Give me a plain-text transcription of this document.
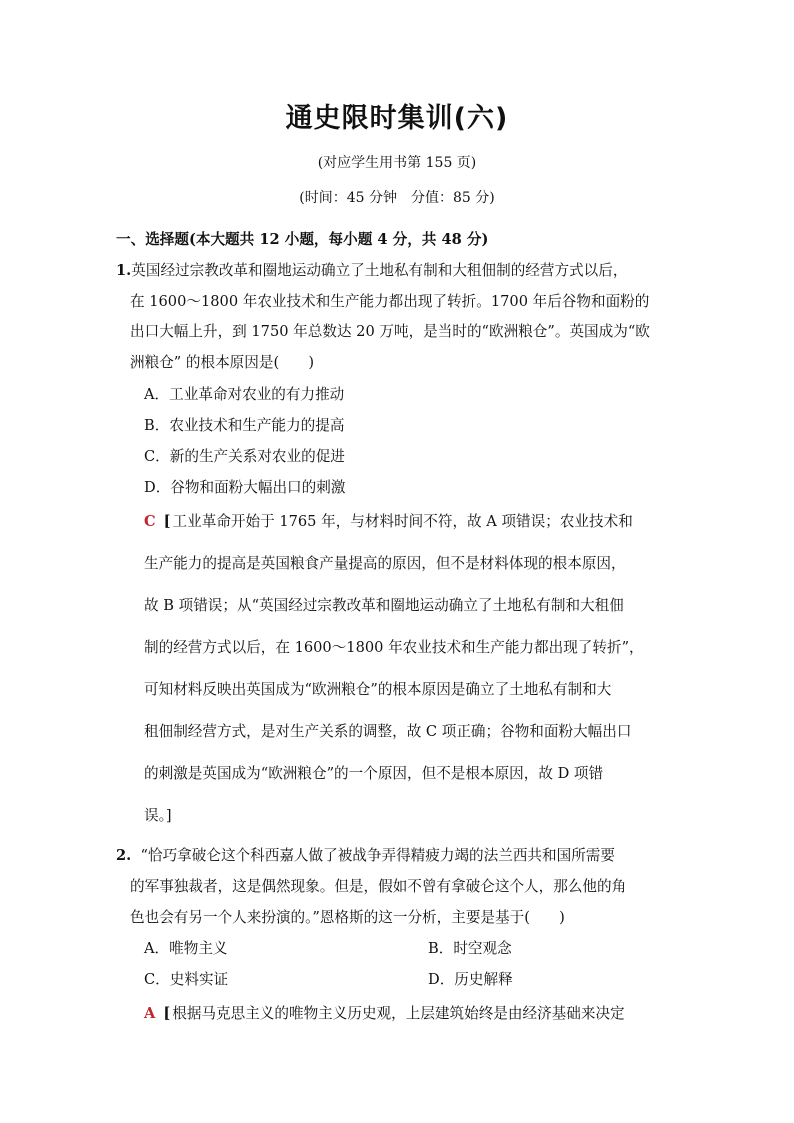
通史限时集训(六)
(对应学生用书第 155 页)
(时间：45 分钟　分值：85 分)
一、选择题(本大题共 12 小题，每小题 4 分，共 48 分)
1.英国经过宗教改革和圈地运动确立了土地私有制和大租佃制的经营方式以后，
在 1600～1800 年农业技术和生产能力都出现了转折。1700 年后谷物和面粉的
出口大幅上升，到 1750 年总数达 20 万吨，是当时的“欧洲粮仓”。英国成为“欧
洲粮仓” 的根本原因是(　　)
A．工业革命对农业的有力推动
B．农业技术和生产能力的提高
C．新的生产关系对农业的促进
D．谷物和面粉大幅出口的刺激
C [ 工业革命开始于 1765 年，与材料时间不符，故 A 项错误；农业技术和
生产能力的提高是英国粮食产量提高的原因，但不是材料体现的根本原因，
故 B 项错误；从“英国经过宗教改革和圈地运动确立了土地私有制和大租佃
制的经营方式以后，在 1600～1800 年农业技术和生产能力都出现了转折”，
可知材料反映出英国成为“欧洲粮仓”的根本原因是确立了土地私有制和大
租佃制经营方式，是对生产关系的调整，故 C 项正确；谷物和面粉大幅出口
的刺激是英国成为“欧洲粮仓”的一个原因，但不是根本原因，故 D 项错
误。]
2. “恰巧拿破仑这个科西嘉人做了被战争弄得精疲力竭的法兰西共和国所需要
的军事独裁者，这是偶然现象。但是，假如不曾有拿破仑这个人，那么他的角
色也会有另一个人来扮演的。”恩格斯的这一分析，主要是基于(　　)
A．唯物主义	B．时空观念
C．史料实证	D．历史解释
A [ 根据马克思主义的唯物主义历史观，上层建筑始终是由经济基础来决定
